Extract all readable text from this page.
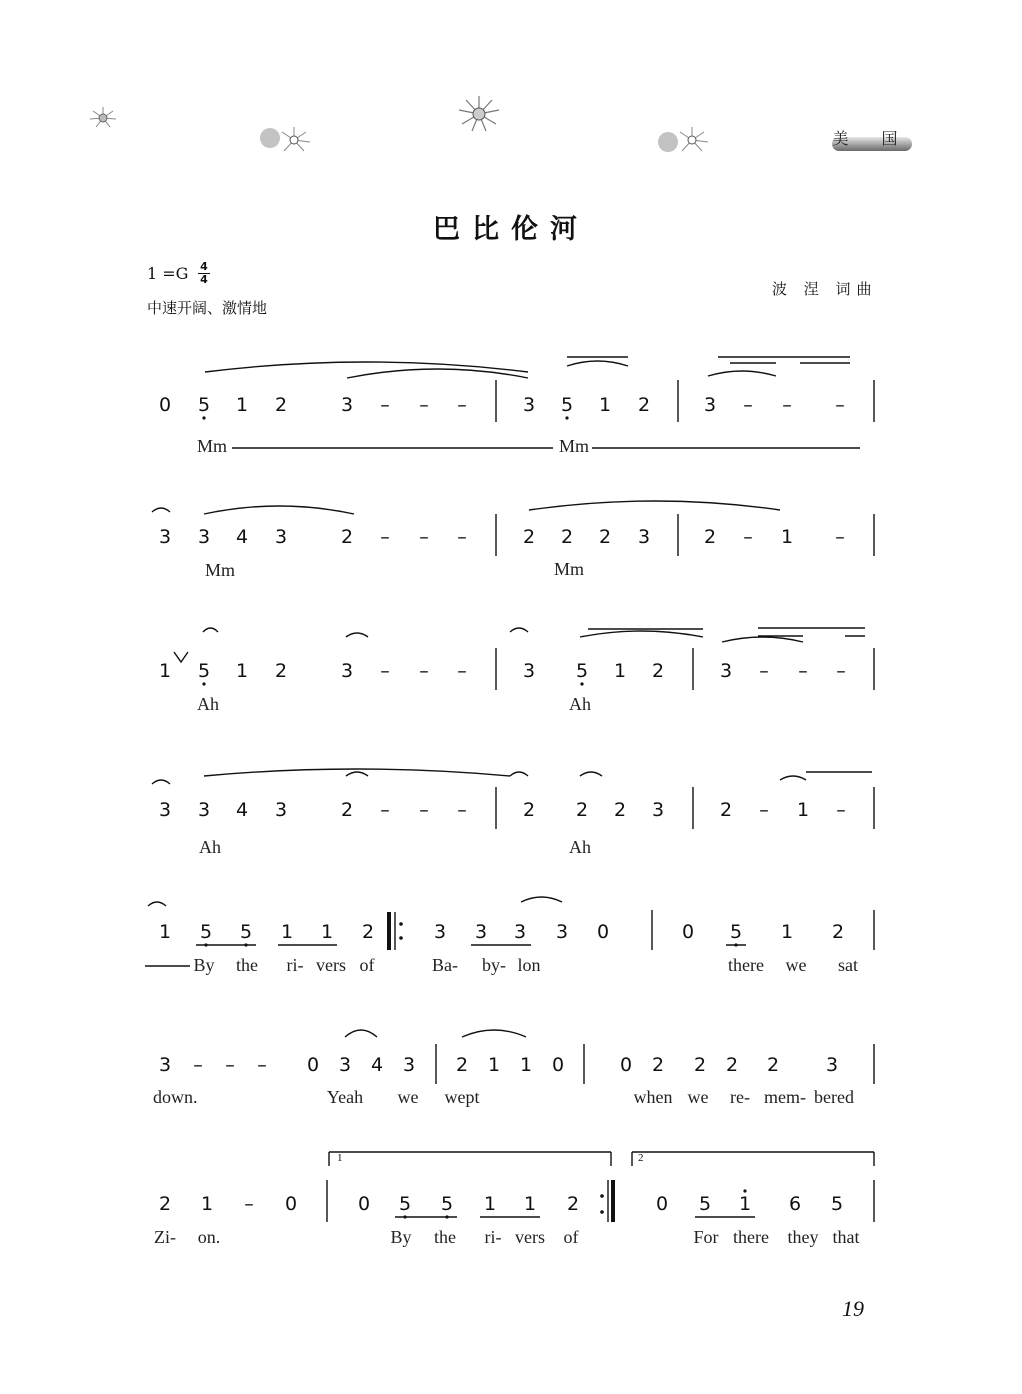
美 国
巴比伦河
1 =G 4
4
中速开阔、激情地
波 涅 词曲
0 5 1 2	3 – – –	3 5 1 2	3 – – –
3 3 4 3	2 – – –	2 2 2 3	2 – 1 –
1 5 1 2	3 – – –	3 5 1 2	3 – – –
3 3 4 3	2 – – –	2 2 2 3	2 – 1 –
1 5 5 1 1 2	3 3 3 3 0	0 5 1 2
3 – – – 0 3 4 3 2 1 1 0	0 2 2 2 2 3
2 1 – 0	0 5 5 1 1 2	0 5 1 6 5
Mm	Mm
Mm	Mm
Ah	Ah
Ah	Ah
By the ri- vers of	Ba- by- lon	there we sat
down.	Yeah we wept	when we re- mem- bered
Zi- on.	By the ri- vers of	For there they that
1	2
19
